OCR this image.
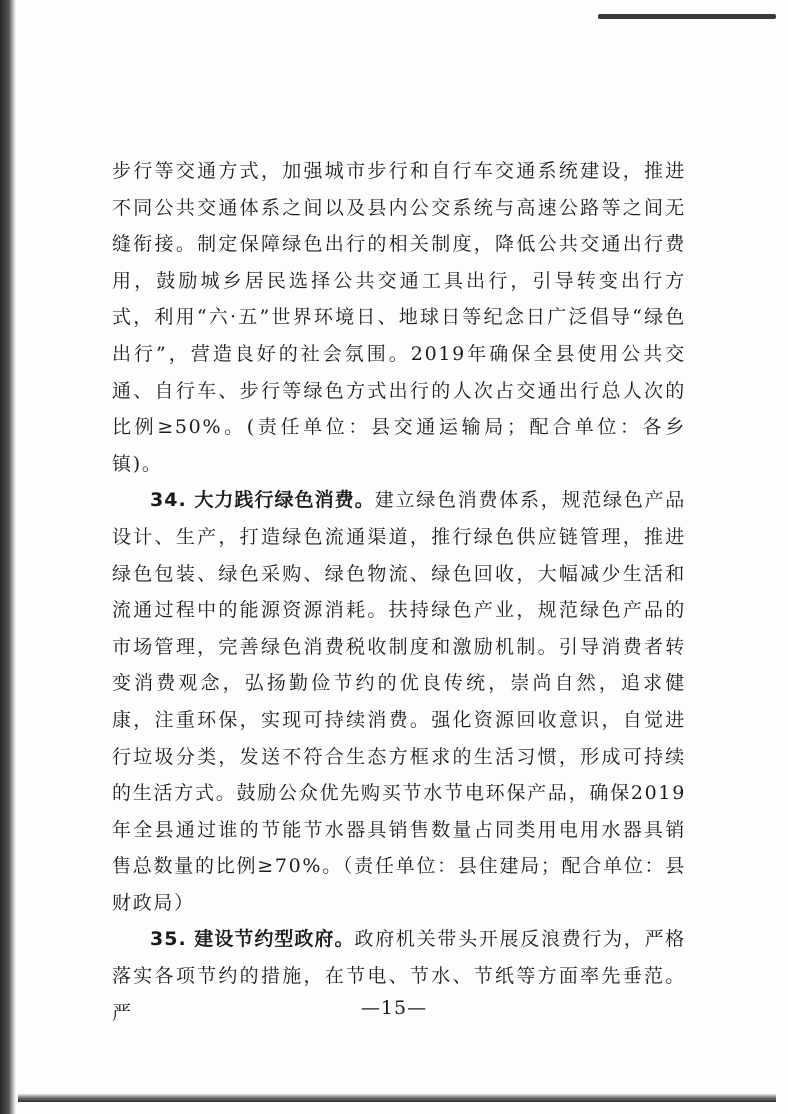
步行等交通方式，加强城市步行和自行车交通系统建设，推进不同公共交通体系之间以及县内公交系统与高速公路等之间无缝衔接。制定保障绿色出行的相关制度，降低公共交通出行费用，鼓励城乡居民选择公共交通工具出行，引导转变出行方式，利用“六·五”世界环境日、地球日等纪念日广泛倡导“绿色出行”，营造良好的社会氛围。2019年确保全县使用公共交通、自行车、步行等绿色方式出行的人次占交通出行总人次的比例≥50%。(责任单位：县交通运输局；配合单位：各乡镇)。

34. 大力践行绿色消费。建立绿色消费体系，规范绿色产品设计、生产，打造绿色流通渠道，推行绿色供应链管理，推进绿色包装、绿色采购、绿色物流、绿色回收，大幅减少生活和流通过程中的能源资源消耗。扶持绿色产业，规范绿色产品的市场管理，完善绿色消费税收制度和激励机制。引导消费者转变消费观念，弘扬勤俭节约的优良传统，崇尚自然，追求健康，注重环保，实现可持续消费。强化资源回收意识，自觉进行垃圾分类，发送不符合生态方框求的生活习惯，形成可持续的生活方式。鼓励公众优先购买节水节电环保产品，确保2019年全县通过谁的节能节水器具销售数量占同类用电用水器具销售总数量的比例≥70%。（责任单位：县住建局；配合单位：县财政局）

35. 建设节约型政府。政府机关带头开展反浪费行为，严格落实各项节约的措施，在节电、节水、节纸等方面率先垂范。严	—15—
